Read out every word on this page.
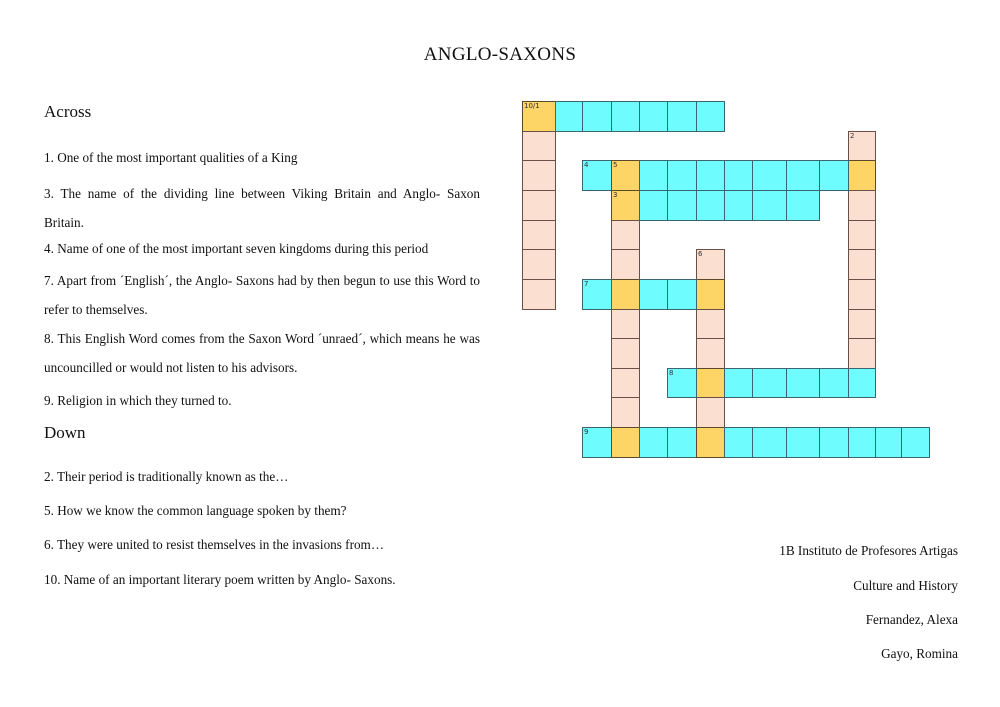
ANGLO-SAXONS
Across
1. One of the most important qualities of a King
3. The name of the dividing line between Viking Britain and Anglo- Saxon Britain.
4. Name of one of the most important seven kingdoms during this period
7. Apart from ´English´, the Anglo- Saxons had by then begun to use this Word to refer to themselves.
8. This English Word comes from the Saxon Word ´unraed´, which means he was uncouncilled or would not listen to his advisors.
9. Religion in which they turned to.
Down
2. Their period is traditionally known as the…
5. How we know the common language spoken by them?
6. They were united to resist themselves in the invasions from…
10. Name of an important literary poem written by Anglo- Saxons.
1B Instituto de Profesores Artigas
Culture and History
Fernandez, Alexa
Gayo, Romina
10/1
2
4	5
3
6
7
8
9
